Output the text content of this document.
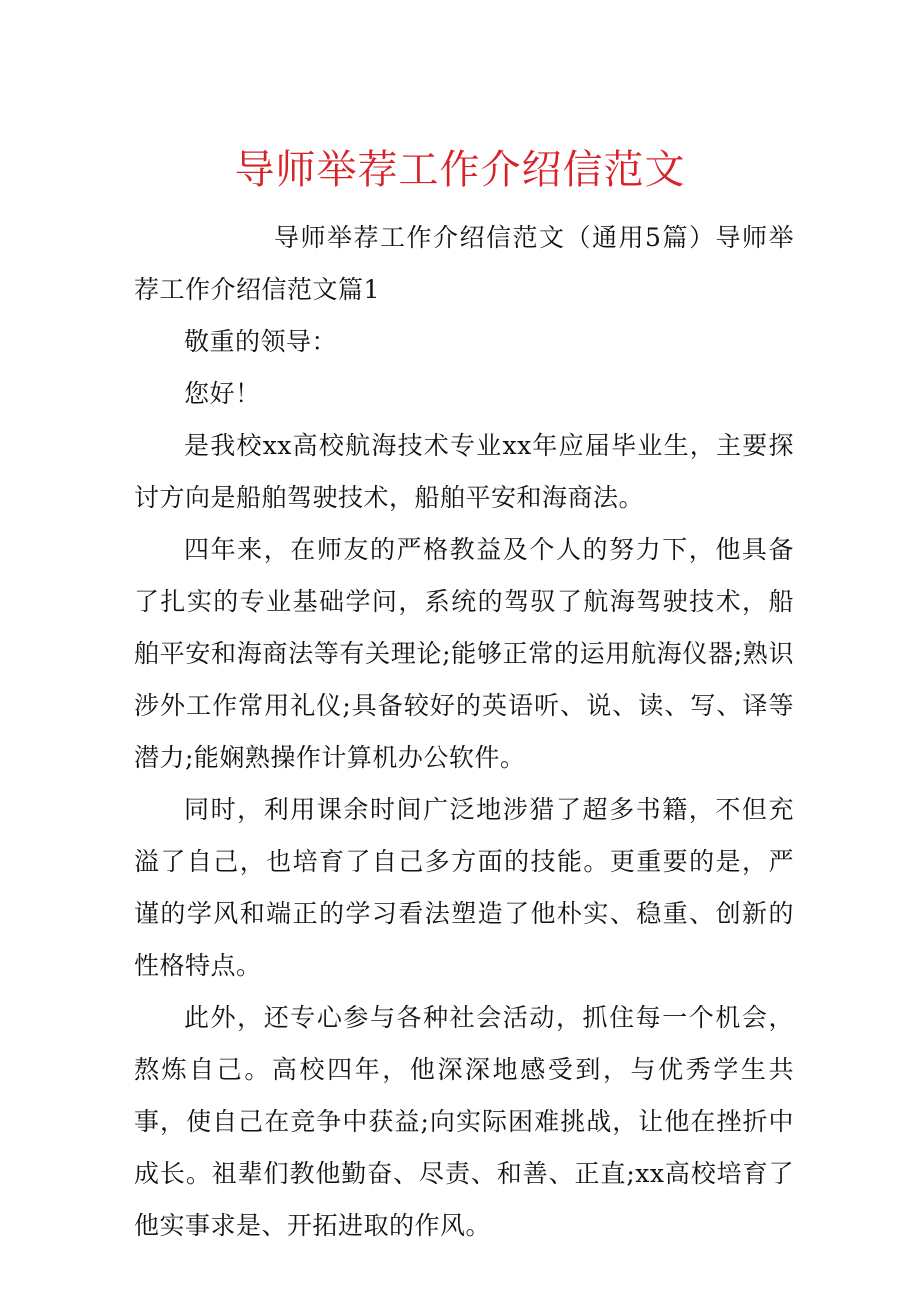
导师举荐工作介绍信范文

导师举荐工作介绍信范文（通用5篇）导师举荐工作介绍信范文篇1

敬重的领导：

您好！

是我校xx高校航海技术专业xx年应届毕业生，主要探讨方向是船舶驾驶技术，船舶平安和海商法。

四年来，在师友的严格教益及个人的努力下，他具备了扎实的专业基础学问，系统的驾驭了航海驾驶技术，船舶平安和海商法等有关理论;能够正常的运用航海仪器;熟识涉外工作常用礼仪;具备较好的英语听、说、读、写、译等潜力;能娴熟操作计算机办公软件。

同时，利用课余时间广泛地涉猎了超多书籍，不但充溢了自己，也培育了自己多方面的技能。更重要的是，严谨的学风和端正的学习看法塑造了他朴实、稳重、创新的性格特点。

此外，还专心参与各种社会活动，抓住每一个机会，熬炼自己。高校四年，他深深地感受到，与优秀学生共事，使自己在竞争中获益;向实际困难挑战，让他在挫折中成长。祖辈们教他勤奋、尽责、和善、正直;xx高校培育了他实事求是、开拓进取的作风。
